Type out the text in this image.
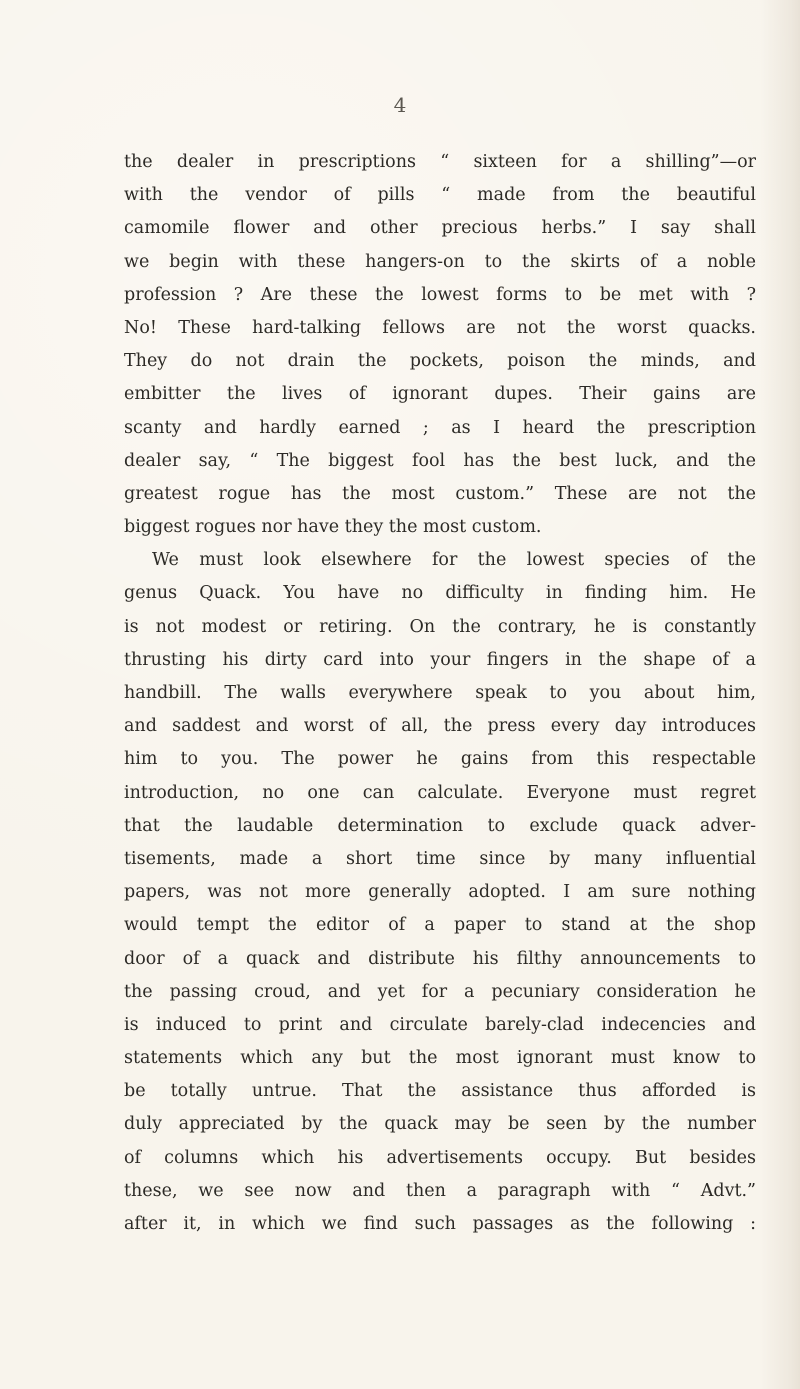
4
the dealer in prescriptions “ sixteen for a shilling”—or
with the vendor of pills “ made from the beautiful
camomile flower and other precious herbs.” I say shall
we begin with these hangers-on to the skirts of a noble
profession ? Are these the lowest forms to be met with ?
No! These hard-talking fellows are not the worst quacks.
They do not drain the pockets, poison the minds, and
embitter the lives of ignorant dupes. Their gains are
scanty and hardly earned ; as I heard the prescription
dealer say, “ The biggest fool has the best luck, and the
greatest rogue has the most custom.” These are not the
biggest rogues nor have they the most custom.
We must look elsewhere for the lowest species of the
genus Quack. You have no difficulty in finding him. He
is not modest or retiring. On the contrary, he is constantly
thrusting his dirty card into your fingers in the shape of a
handbill. The walls everywhere speak to you about him,
and saddest and worst of all, the press every day introduces
him to you. The power he gains from this respectable
introduction, no one can calculate. Everyone must regret
that the laudable determination to exclude quack adver-
tisements, made a short time since by many influential
papers, was not more generally adopted. I am sure nothing
would tempt the editor of a paper to stand at the shop
door of a quack and distribute his filthy announcements to
the passing croud, and yet for a pecuniary consideration he
is induced to print and circulate barely-clad indecencies and
statements which any but the most ignorant must know to
be totally untrue. That the assistance thus afforded is
duly appreciated by the quack may be seen by the number
of columns which his advertisements occupy. But besides
these, we see now and then a paragraph with “ Advt.”
after it, in which we find such passages as the following :
